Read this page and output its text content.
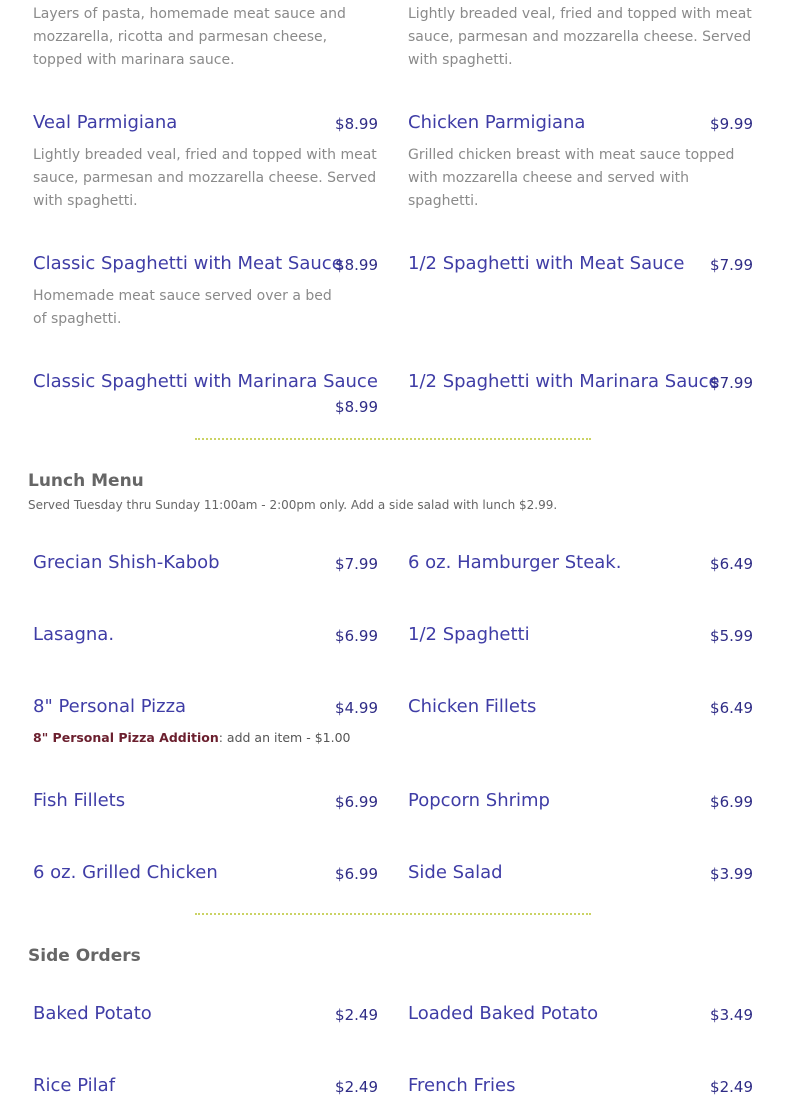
Layers of pasta, homemade meat sauce and mozzarella, ricotta and parmesan cheese, topped with marinara sauce.
Lightly breaded veal, fried and topped with meat sauce, parmesan and mozzarella cheese. Served with spaghetti.
Veal Parmigiana	$8.99
Lightly breaded veal, fried and topped with meat sauce, parmesan and mozzarella cheese. Served with spaghetti.
Chicken Parmigiana	$9.99
Grilled chicken breast with meat sauce topped with mozzarella cheese and served with spaghetti.
Classic Spaghetti with Meat Sauce
$8.99
Homemade meat sauce served over a bed of spaghetti.
1/2 Spaghetti with Meat Sauce	$7.99
Classic Spaghetti with Marinara Sauce
$8.99
1/2 Spaghetti with Marinara Sauce
$7.99
Lunch Menu
Served Tuesday thru Sunday 11:00am - 2:00pm only. Add a side salad with lunch $2.99.
Grecian Shish-Kabob	$7.99 6 oz. Hamburger Steak.	$6.49
Lasagna.	$6.99 1/2 Spaghetti	$5.99
8" Personal Pizza	$4.99
8" Personal Pizza Addition: add an item - $1.00
Chicken Fillets	$6.49
Fish Fillets	$6.99 Popcorn Shrimp	$6.99
6 oz. Grilled Chicken	$6.99 Side Salad	$3.99
Side Orders
Baked Potato	$2.49 Loaded Baked Potato	$3.49
Rice Pilaf	$2.49 French Fries	$2.49
